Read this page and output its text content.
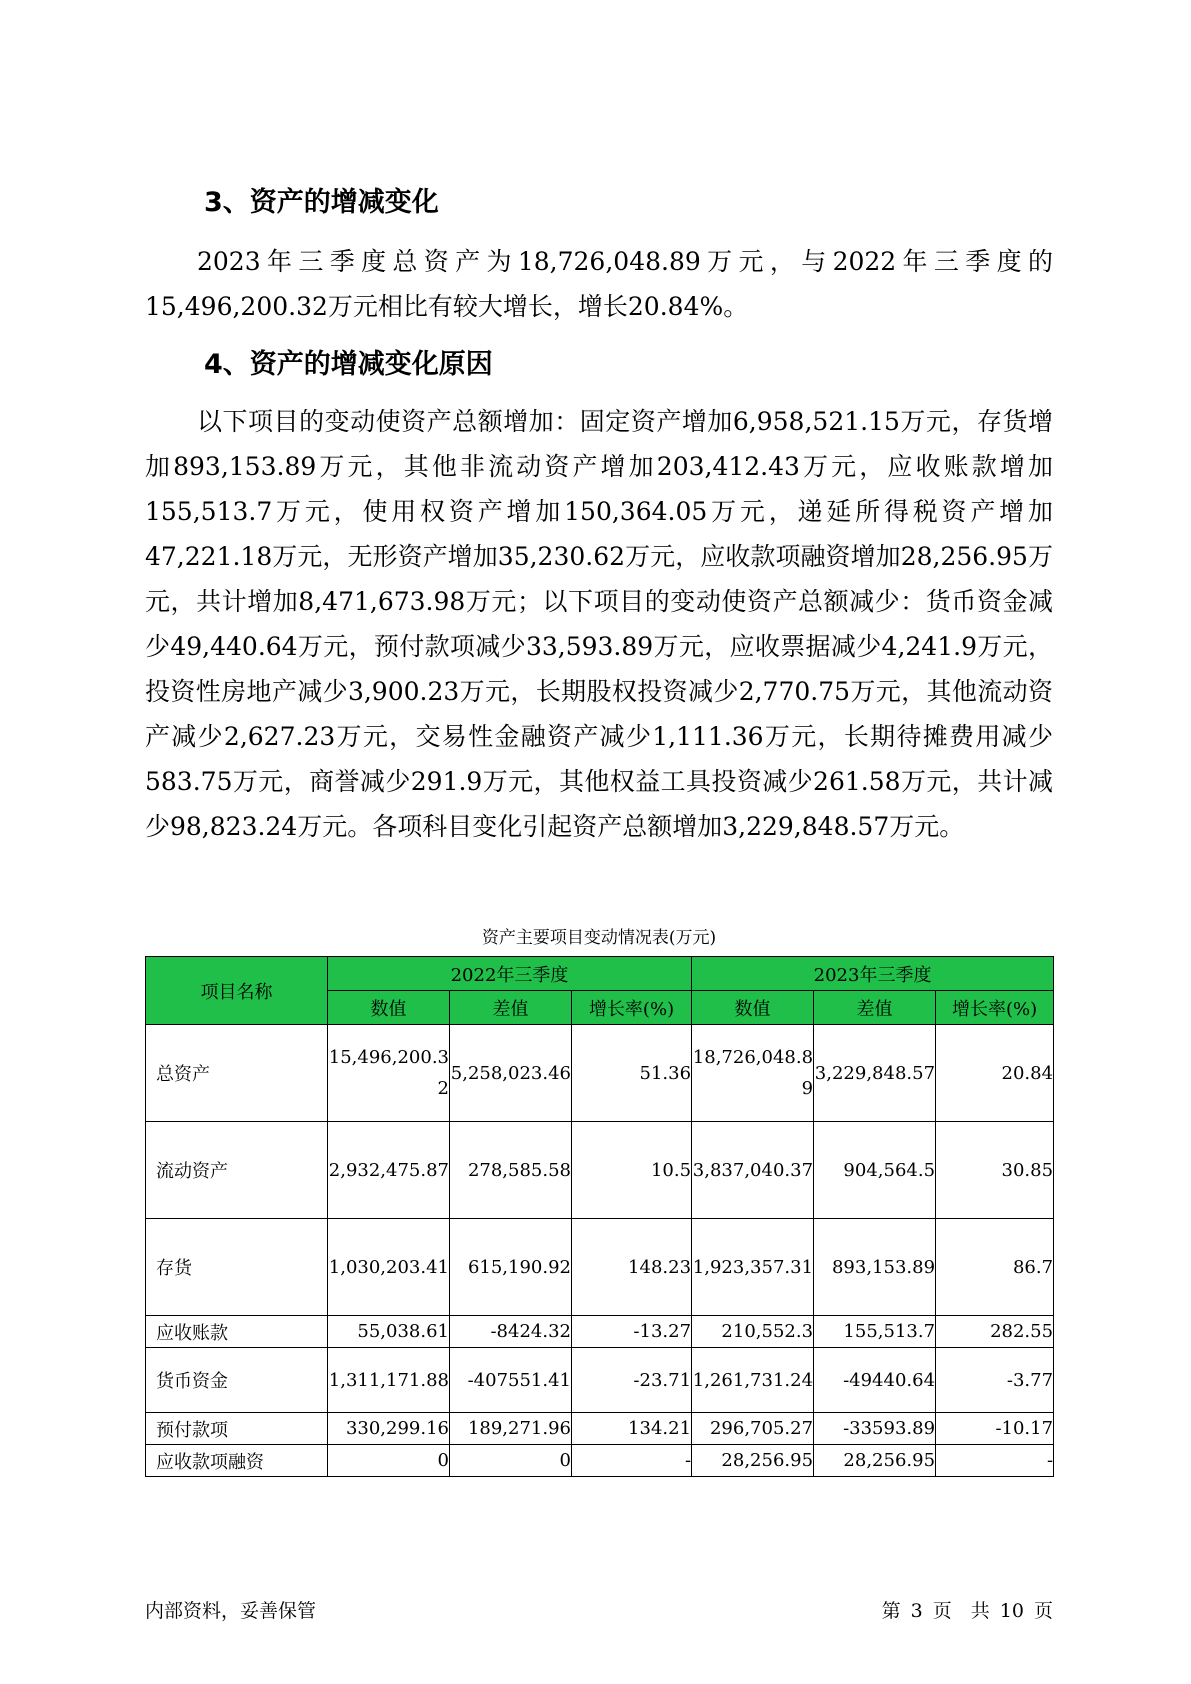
3、资产的增减变化

2023年三季度总资产为18,726,048.89万元，与2022年三季度的15,496,200.32万元相比有较大增长，增长20.84%。

4、资产的增减变化原因

以下项目的变动使资产总额增加：固定资产增加6,958,521.15万元，存货增加893,153.89万元，其他非流动资产增加203,412.43万元，应收账款增加155,513.7万元，使用权资产增加150,364.05万元，递延所得税资产增加47,221.18万元，无形资产增加35,230.62万元，应收款项融资增加28,256.95万元，共计增加8,471,673.98万元；以下项目的变动使资产总额减少：货币资金减少49,440.64万元，预付款项减少33,593.89万元，应收票据减少4,241.9万元，投资性房地产减少3,900.23万元，长期股权投资减少2,770.75万元，其他流动资产减少2,627.23万元，交易性金融资产减少1,111.36万元，长期待摊费用减少583.75万元，商誉减少291.9万元，其他权益工具投资减少261.58万元，共计减少98,823.24万元。各项科目变化引起资产总额增加3,229,848.57万元。

资产主要项目变动情况表(万元)
项目名称	2022年三季度			2023年三季度		
	数值	差值	增长率(%)	数值	差值	增长率(%)
总资产	15,496,200.32	5,258,023.46	51.36	18,726,048.89	3,229,848.57	20.84
流动资产	2,932,475.87	278,585.58	10.5	3,837,040.37	904,564.5	30.85
存货	1,030,203.41	615,190.92	148.23	1,923,357.31	893,153.89	86.7
应收账款	55,038.61	-8424.32	-13.27	210,552.3	155,513.7	282.55
货币资金	1,311,171.88	-407551.41	-23.71	1,261,731.24	-49440.64	-3.77
预付款项	330,299.16	189,271.96	134.21	296,705.27	-33593.89	-10.17
应收款项融资	0	0	-	28,256.95	28,256.95	-
内部资料，妥善保管	第 3 页　共 10 页
